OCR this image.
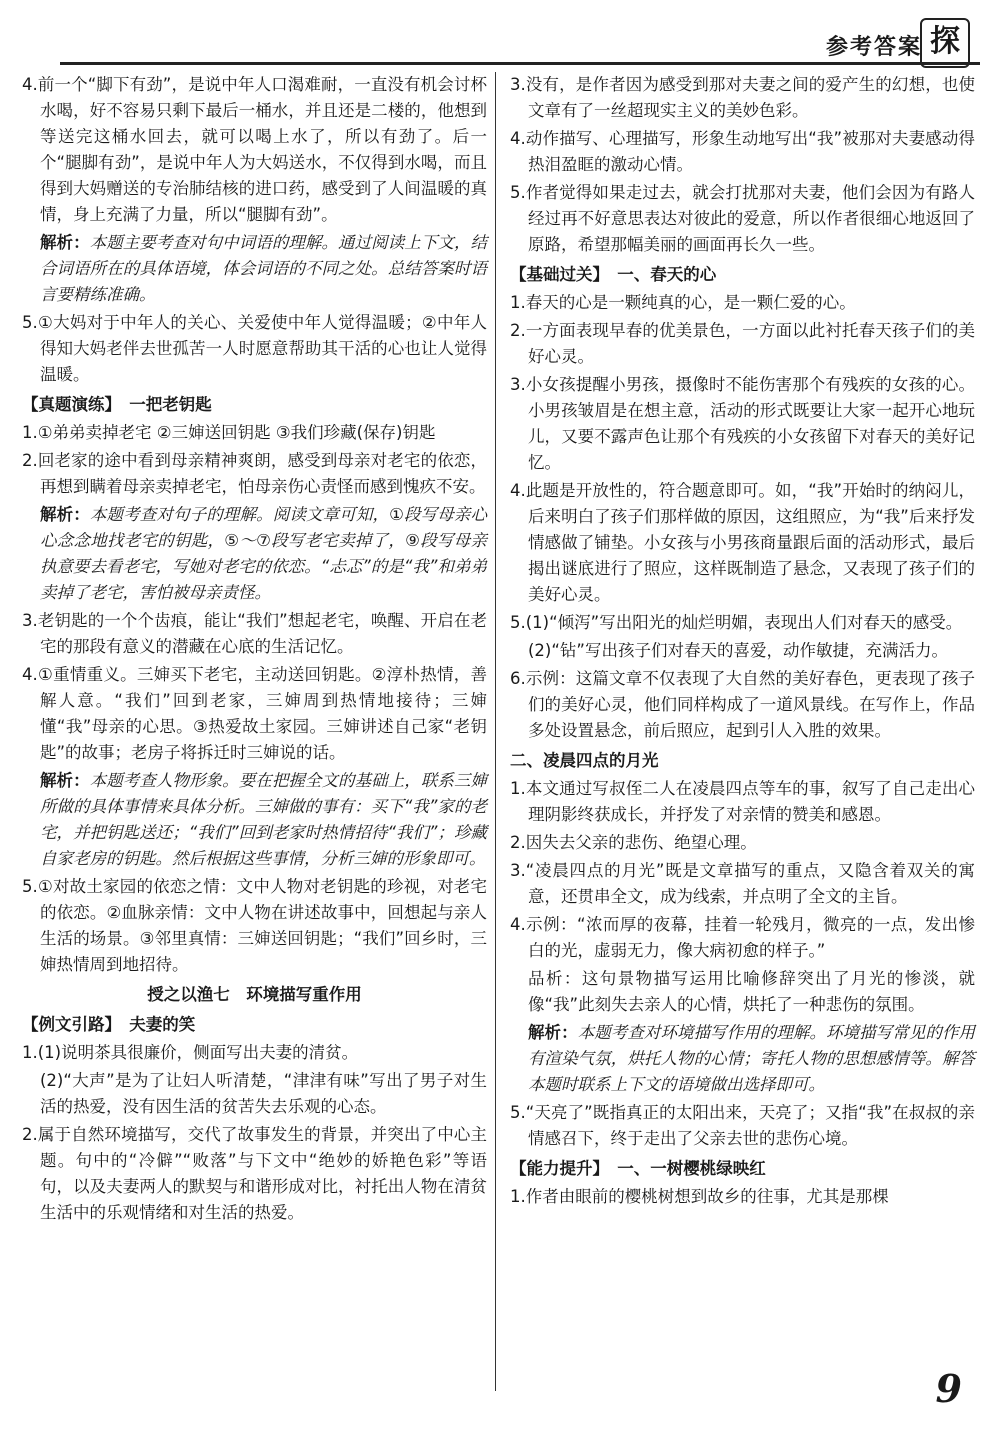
参考答案 探

4.前一个“脚下有劲”，是说中年人口渴难耐，一直没有机会讨杯水喝，好不容易只剩下最后一桶水，并且还是二楼的，他想到等送完这桶水回去，就可以喝上水了，所以有劲了。后一个“腿脚有劲”，是说中年人为大妈送水，不仅得到水喝，而且得到大妈赠送的专治肺结核的进口药，感受到了人间温暖的真情，身上充满了力量，所以“腿脚有劲”。

解析：本题主要考查对句中词语的理解。通过阅读上下文，结合词语所在的具体语境，体会词语的不同之处。总结答案时语言要精练准确。

5.①大妈对于中年人的关心、关爱使中年人觉得温暖；②中年人得知大妈老伴去世孤苦一人时愿意帮助其干活的心也让人觉得温暖。

【真题演练】　 一把老钥匙

1.①弟弟卖掉老宅 ②三婶送回钥匙 ③我们珍藏(保存)钥匙

2.回老家的途中看到母亲精神爽朗，感受到母亲对老宅的依恋，再想到瞒着母亲卖掉老宅，怕母亲伤心责怪而感到愧疚不安。

解析：本题考查对句子的理解。阅读文章可知，①段写母亲心心念念地找老宅的钥匙，⑤～⑦段写老宅卖掉了，⑨段写母亲执意要去看老宅，写她对老宅的依恋。“忐忑”的是“我”和弟弟卖掉了老宅，害怕被母亲责怪。

3.老钥匙的一个个齿痕，能让“我们”想起老宅，唤醒、开启在老宅的那段有意义的潜藏在心底的生活记忆。

4.①重情重义。三婶买下老宅，主动送回钥匙。②淳朴热情，善解人意。“我们”回到老家，三婶周到热情地接待；三婶懂“我”母亲的心思。③热爱故土家园。三婶讲述自己家“老钥匙”的故事；老房子将拆迁时三婶说的话。

解析：本题考查人物形象。要在把握全文的基础上，联系三婶所做的具体事情来具体分析。三婶做的事有：买下“我”家的老宅，并把钥匙送还；“我们”回到老家时热情招待“我们”；珍藏自家老房的钥匙。然后根据这些事情，分析三婶的形象即可。

5.①对故土家园的依恋之情：文中人物对老钥匙的珍视，对老宅的依恋。②血脉亲情：文中人物在讲述故事中，回想起与亲人生活的场景。③邻里真情：三婶送回钥匙；“我们”回乡时，三婶热情周到地招待。

授之以渔七　环境描写重作用
【例文引路】　 夫妻的笑

1.(1)说明茶具很廉价，侧面写出夫妻的清贫。

(2)“大声”是为了让妇人听清楚，“津津有味”写出了男子对生活的热爱，没有因生活的贫苦失去乐观的心态。

2.属于自然环境描写，交代了故事发生的背景，并突出了中心主题。句中的“冷僻”“败落”与下文中“绝妙的娇艳色彩”等语句，以及夫妻两人的默契与和谐形成对比，衬托出人物在清贫生活中的乐观情绪和对生活的热爱。

3.没有，是作者因为感受到那对夫妻之间的爱产生的幻想，也使文章有了一丝超现实主义的美妙色彩。

4.动作描写、心理描写，形象生动地写出“我”被那对夫妻感动得热泪盈眶的激动心情。

5.作者觉得如果走过去，就会打扰那对夫妻，他们会因为有路人经过再不好意思表达对彼此的爱意，所以作者很细心地返回了原路，希望那幅美丽的画面再长久一些。

【基础过关】　 一、春天的心

1.春天的心是一颗纯真的心，是一颗仁爱的心。

2.一方面表现早春的优美景色，一方面以此衬托春天孩子们的美好心灵。

3.小女孩提醒小男孩，摄像时不能伤害那个有残疾的女孩的心。小男孩皱眉是在想主意，活动的形式既要让大家一起开心地玩儿，又要不露声色让那个有残疾的小女孩留下对春天的美好记忆。

4.此题是开放性的，符合题意即可。如，“我”开始时的纳闷儿，后来明白了孩子们那样做的原因，这组照应，为“我”后来抒发情感做了铺垫。小女孩与小男孩商量跟后面的活动形式，最后揭出谜底进行了照应，这样既制造了悬念，又表现了孩子们的美好心灵。

5.(1)“倾泻”写出阳光的灿烂明媚，表现出人们对春天的感受。

(2)“钻”写出孩子们对春天的喜爱，动作敏捷，充满活力。

6.示例：这篇文章不仅表现了大自然的美好春色，更表现了孩子们的美好心灵，他们同样构成了一道风景线。在写作上，作品多处设置悬念，前后照应，起到引人入胜的效果。

二、凌晨四点的月光

1.本文通过写叔侄二人在凌晨四点等车的事，叙写了自己走出心理阴影终获成长，并抒发了对亲情的赞美和感恩。

2.因失去父亲的悲伤、绝望心理。

3.“凌晨四点的月光”既是文章描写的重点，又隐含着双关的寓意，还贯串全文，成为线索，并点明了全文的主旨。

4.示例：“浓而厚的夜幕，挂着一轮残月，微亮的一点，发出惨白的光，虚弱无力，像大病初愈的样子。”

品析：这句景物描写运用比喻修辞突出了月光的惨淡，就像“我”此刻失去亲人的心情，烘托了一种悲伤的氛围。

解析：本题考查对环境描写作用的理解。环境描写常见的作用有渲染气氛，烘托人物的心情；寄托人物的思想感情等。解答本题时联系上下文的语境做出选择即可。

5.“天亮了”既指真正的太阳出来，天亮了；又指“我”在叔叔的亲情感召下，终于走出了父亲去世的悲伤心境。

【能力提升】　 一、一树樱桃绿映红

1.作者由眼前的樱桃树想到故乡的往事，尤其是那棵

9
